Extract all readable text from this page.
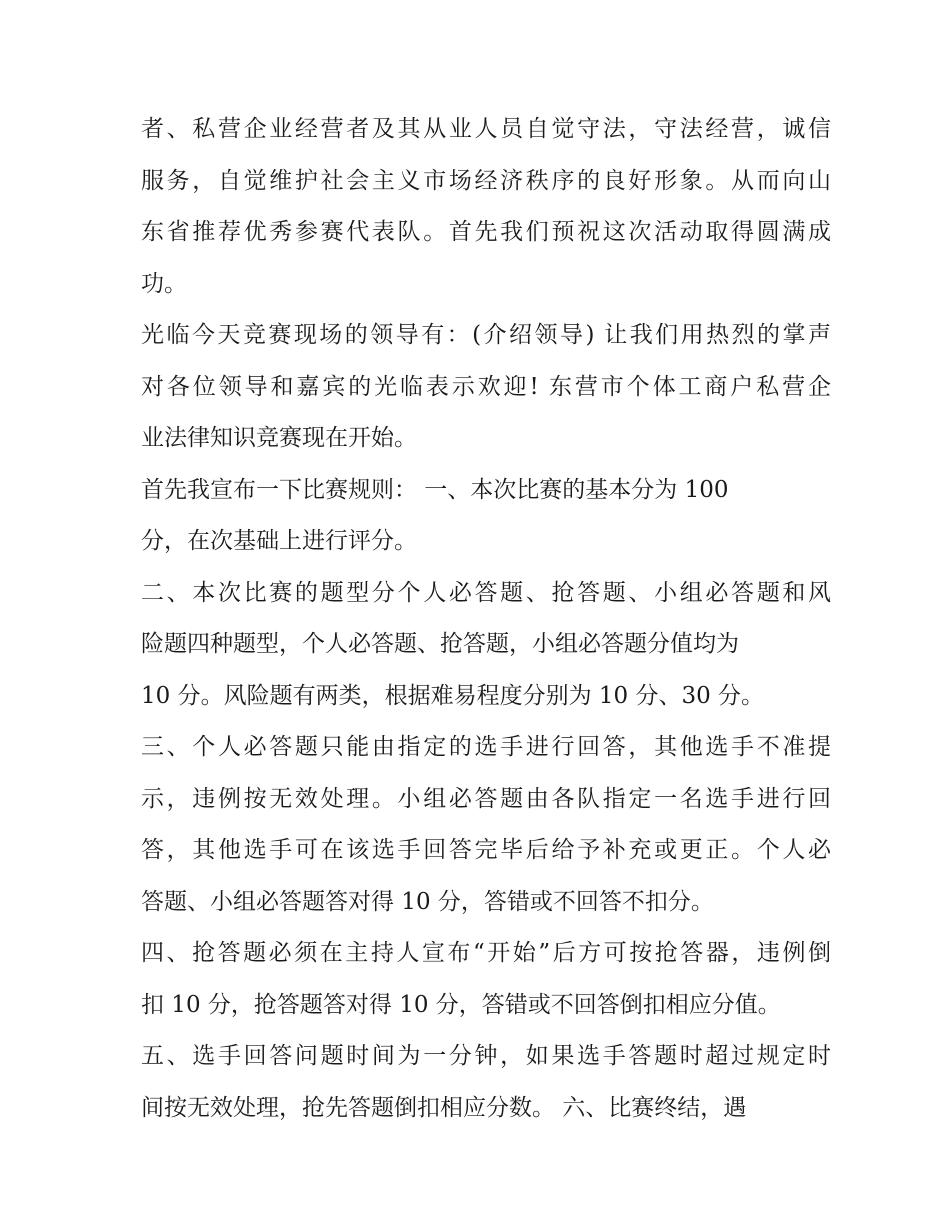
者、私营企业经营者及其从业人员自觉守法，守法经营，诚信
服务，自觉维护社会主义市场经济秩序的良好形象。从而向山
东省推荐优秀参赛代表队。首先我们预祝这次活动取得圆满成
功。
光临今天竞赛现场的领导有：(介绍领导) 让我们用热烈的掌声
对各位领导和嘉宾的光临表示欢迎! 东营市个体工商户私营企
业法律知识竞赛现在开始。
首先我宣布一下比赛规则： 一、本次比赛的基本分为 100
分，在次基础上进行评分。
二、本次比赛的题型分个人必答题、抢答题、小组必答题和风
险题四种题型，个人必答题、抢答题，小组必答题分值均为
10 分。风险题有两类，根据难易程度分别为 10 分、30 分。
三、个人必答题只能由指定的选手进行回答，其他选手不准提
示，违例按无效处理。小组必答题由各队指定一名选手进行回
答，其他选手可在该选手回答完毕后给予补充或更正。个人必
答题、小组必答题答对得 10 分，答错或不回答不扣分。
四、抢答题必须在主持人宣布“开始”后方可按抢答器，违例倒
扣 10 分，抢答题答对得 10 分，答错或不回答倒扣相应分值。
五、选手回答问题时间为一分钟，如果选手答题时超过规定时
间按无效处理，抢先答题倒扣相应分数。 六、比赛终结，遇
